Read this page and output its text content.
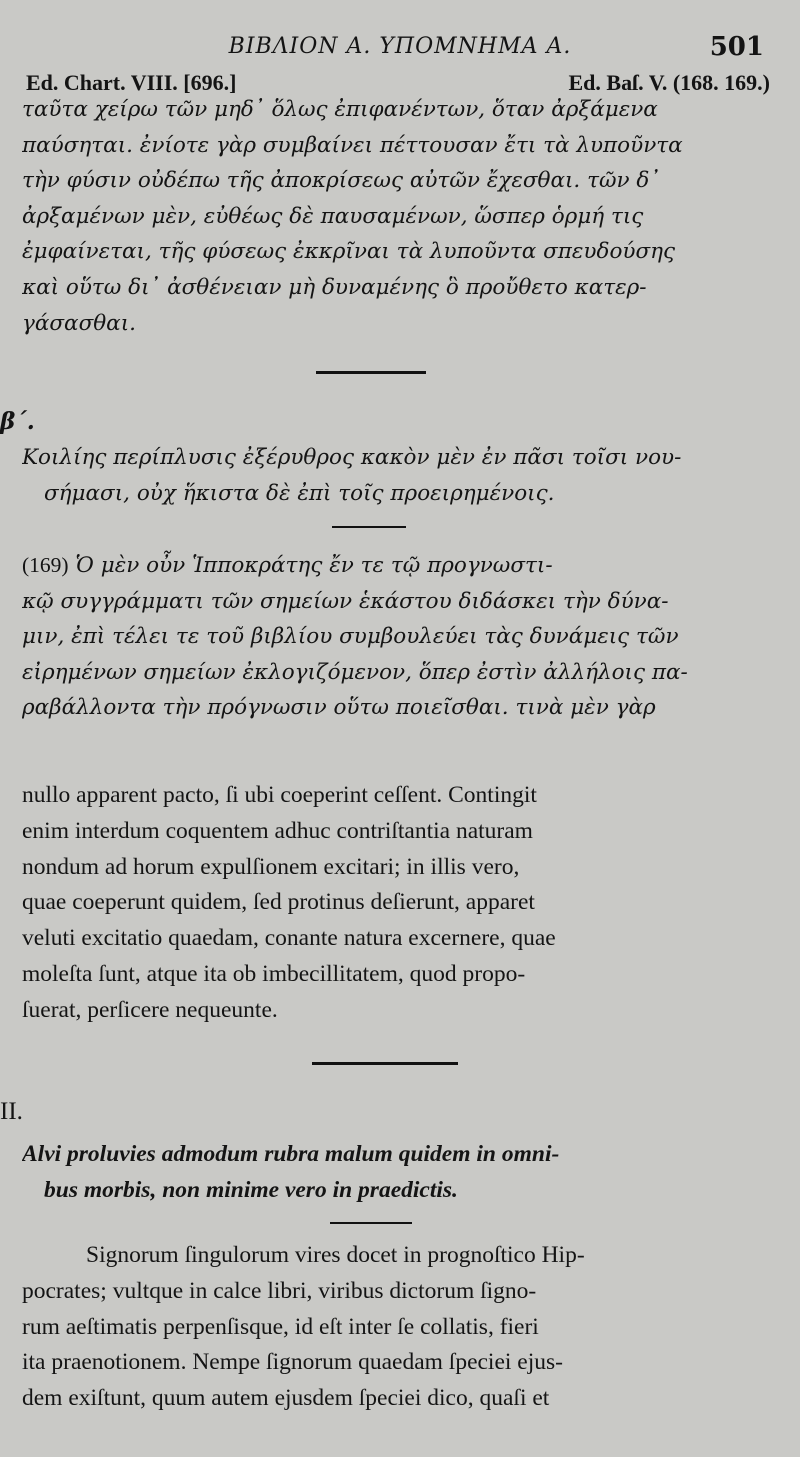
ΒΙΒΛΙΟΝ Α. ΥΠΟΜΝΗΜΑ Α.	501
Ed. Chart. VIII. [696.]	Ed. Baſ. V. (168. 169.)
ταῦτα χείρω τῶν μηδ᾽ ὅλως ἐπιφανέντων, ὅταν ἀρξάμενα
παύσηται. ἐνίοτε γὰρ συμβαίνει πέττουσαν ἔτι τὰ λυποῦντα
τὴν φύσιν οὐδέπω τῆς ἀποκρίσεως αὐτῶν ἔχεσθαι. τῶν δ᾽
ἀρξαμένων μὲν, εὐθέως δὲ παυσαμένων, ὥσπερ ὁρμή τις
ἐμφαίνεται, τῆς φύσεως ἐκκρῖναι τὰ λυποῦντα σπευδούσης
καὶ οὕτω δι᾽ ἀσθένειαν μὴ δυναμένης ὃ προὔθετο κατερ-
γάσασθαι.
β΄.
Κοιλίης περίπλυσις ἐξέρυθρος κακὸν μὲν ἐν πᾶσι τοῖσι νου-
σήμασι, οὐχ ἥκιστα δὲ ἐπὶ τοῖς προειρημένοις.
(169) Ὁ μὲν οὖν Ἱπποκράτης ἔν τε τῷ προγνωστι-
κῷ συγγράμματι τῶν σημείων ἑκάστου διδάσκει τὴν δύνα-
μιν, ἐπὶ τέλει τε τοῦ βιβλίου συμβουλεύει τὰς δυνάμεις τῶν
εἰρημένων σημείων ἐκλογιζόμενον, ὅπερ ἐστὶν ἀλλήλοις πα-
ραβάλλοντα τὴν πρόγνωσιν οὕτω ποιεῖσθαι. τινὰ μὲν γὰρ
nullo apparent pacto, ſi ubi coeperint ceſſent. Contingit
enim interdum coquentem adhuc contriſtantia naturam
nondum ad horum expulſionem excitari; in illis vero,
quae coeperunt quidem, ſed protinus deſierunt, apparet
veluti excitatio quaedam, conante natura excernere, quae
moleſta ſunt, atque ita ob imbecillitatem, quod propo-
ſuerat, perſicere nequeunte.
II.
Alvi proluvies admodum rubra malum quidem in omni-
bus morbis, non minime vero in praedictis.
Signorum ſingulorum vires docet in prognoſtico Hip-
pocrates; vultque in calce libri, viribus dictorum ſigno-
rum aeſtimatis perpenſisque, id eſt inter ſe collatis, fieri
ita praenotionem. Nempe ſignorum quaedam ſpeciei ejus-
dem exiſtunt, quum autem ejusdem ſpeciei dico, quaſi et
